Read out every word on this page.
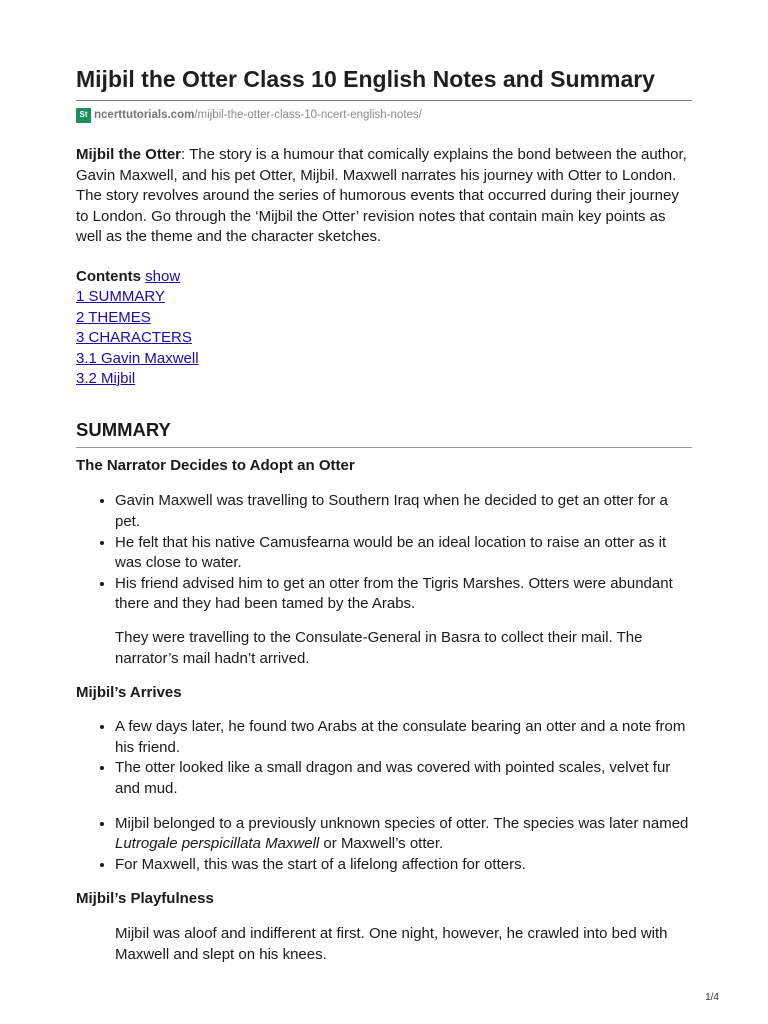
Mijbil the Otter Class 10 English Notes and Summary
St ncerttutorials.com /mijbil-the-otter-class-10-ncert-english-notes/

Mijbil the Otter: The story is a humour that comically explains the bond between the author, Gavin Maxwell, and his pet Otter, Mijbil. Maxwell narrates his journey with Otter to London. The story revolves around the series of humorous events that occurred during their journey to London. Go through the ‘Mijbil the Otter’ revision notes that contain main key points as well as the theme and the character sketches.

Contents show
1 SUMMARY
2 THEMES
3 CHARACTERS
3.1 Gavin Maxwell
3.2 Mijbil
SUMMARY
The Narrator Decides to Adopt an Otter
• Gavin Maxwell was travelling to Southern Iraq when he decided to get an otter for a pet.
• He felt that his native Camusfearna would be an ideal location to raise an otter as it was close to water.
• His friend advised him to get an otter from the Tigris Marshes. Otters were abundant there and they had been tamed by the Arabs.

They were travelling to the Consulate-General in Basra to collect their mail. The narrator’s mail hadn’t arrived.

Mijbil’s Arrives
• A few days later, he found two Arabs at the consulate bearing an otter and a note from his friend.
• The otter looked like a small dragon and was covered with pointed scales, velvet fur and mud.
• Mijbil belonged to a previously unknown species of otter. The species was later named Lutrogale perspicillata Maxwell or Maxwell’s otter.
• For Maxwell, this was the start of a lifelong affection for otters.
Mijbil’s Playfulness

Mijbil was aloof and indifferent at first. One night, however, he crawled into bed with Maxwell and slept on his knees.

1/4
